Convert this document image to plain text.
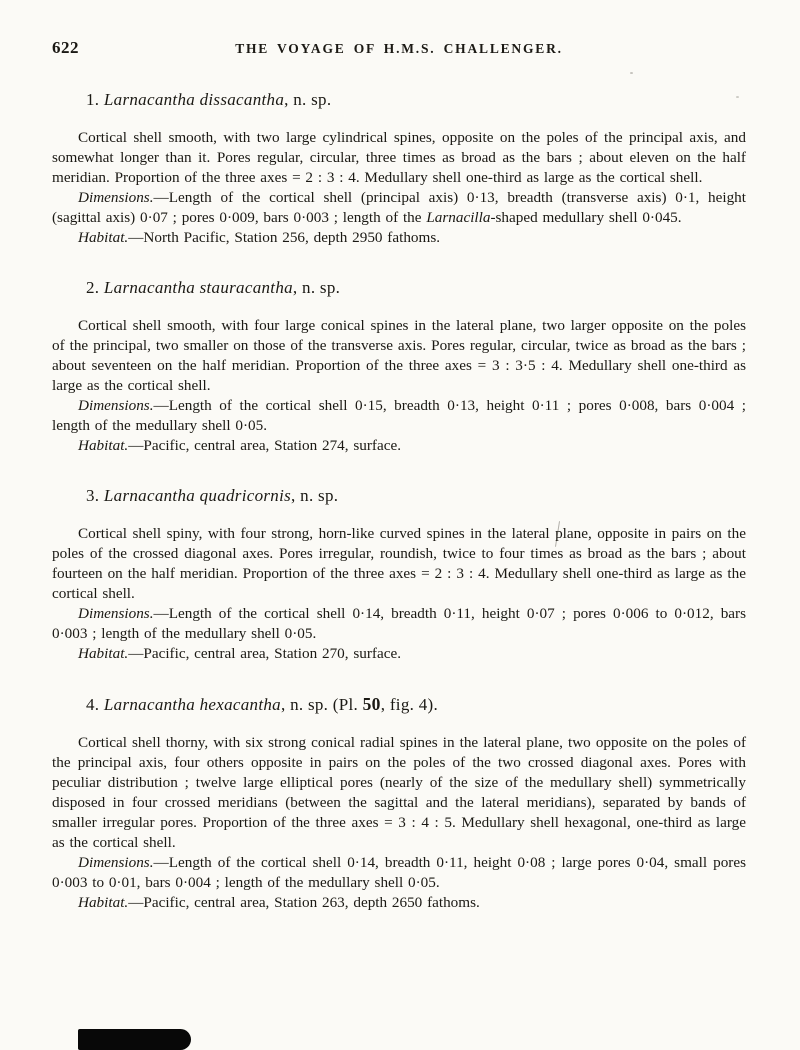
622	THE VOYAGE OF H.M.S. CHALLENGER.
1. Larnacantha dissacantha, n. sp.

Cortical shell smooth, with two large cylindrical spines, opposite on the poles of the principal axis, and somewhat longer than it. Pores regular, circular, three times as broad as the bars ; about eleven on the half meridian. Proportion of the three axes = 2 : 3 : 4. Medullary shell one-third as large as the cortical shell.

Dimensions.—Length of the cortical shell (principal axis) 0·13, breadth (transverse axis) 0·1, height (sagittal axis) 0·07 ; pores 0·009, bars 0·003 ; length of the Larnacilla-shaped medullary shell 0·045.

Habitat.—North Pacific, Station 256, depth 2950 fathoms.

2. Larnacantha stauracantha, n. sp.

Cortical shell smooth, with four large conical spines in the lateral plane, two larger opposite on the poles of the principal, two smaller on those of the transverse axis. Pores regular, circular, twice as broad as the bars ; about seventeen on the half meridian. Proportion of the three axes = 3 : 3·5 : 4. Medullary shell one-third as large as the cortical shell.

Dimensions.—Length of the cortical shell 0·15, breadth 0·13, height 0·11 ; pores 0·008, bars 0·004 ; length of the medullary shell 0·05.

Habitat.—Pacific, central area, Station 274, surface.

3. Larnacantha quadricornis, n. sp.

Cortical shell spiny, with four strong, horn-like curved spines in the lateral plane, opposite in pairs on the poles of the crossed diagonal axes. Pores irregular, roundish, twice to four times as broad as the bars ; about fourteen on the half meridian. Proportion of the three axes = 2 : 3 : 4. Medullary shell one-third as large as the cortical shell.

Dimensions.—Length of the cortical shell 0·14, breadth 0·11, height 0·07 ; pores 0·006 to 0·012, bars 0·003 ; length of the medullary shell 0·05.

Habitat.—Pacific, central area, Station 270, surface.

4. Larnacantha hexacantha, n. sp. (Pl. 50, fig. 4).

Cortical shell thorny, with six strong conical radial spines in the lateral plane, two opposite on the poles of the principal axis, four others opposite in pairs on the poles of the two crossed diagonal axes. Pores with peculiar distribution ; twelve large elliptical pores (nearly of the size of the medullary shell) symmetrically disposed in four crossed meridians (between the sagittal and the lateral meridians), separated by bands of smaller irregular pores. Proportion of the three axes = 3 : 4 : 5. Medullary shell hexagonal, one-third as large as the cortical shell.

Dimensions.—Length of the cortical shell 0·14, breadth 0·11, height 0·08 ; large pores 0·04, small pores 0·003 to 0·01, bars 0·004 ; length of the medullary shell 0·05.

Habitat.—Pacific, central area, Station 263, depth 2650 fathoms.
